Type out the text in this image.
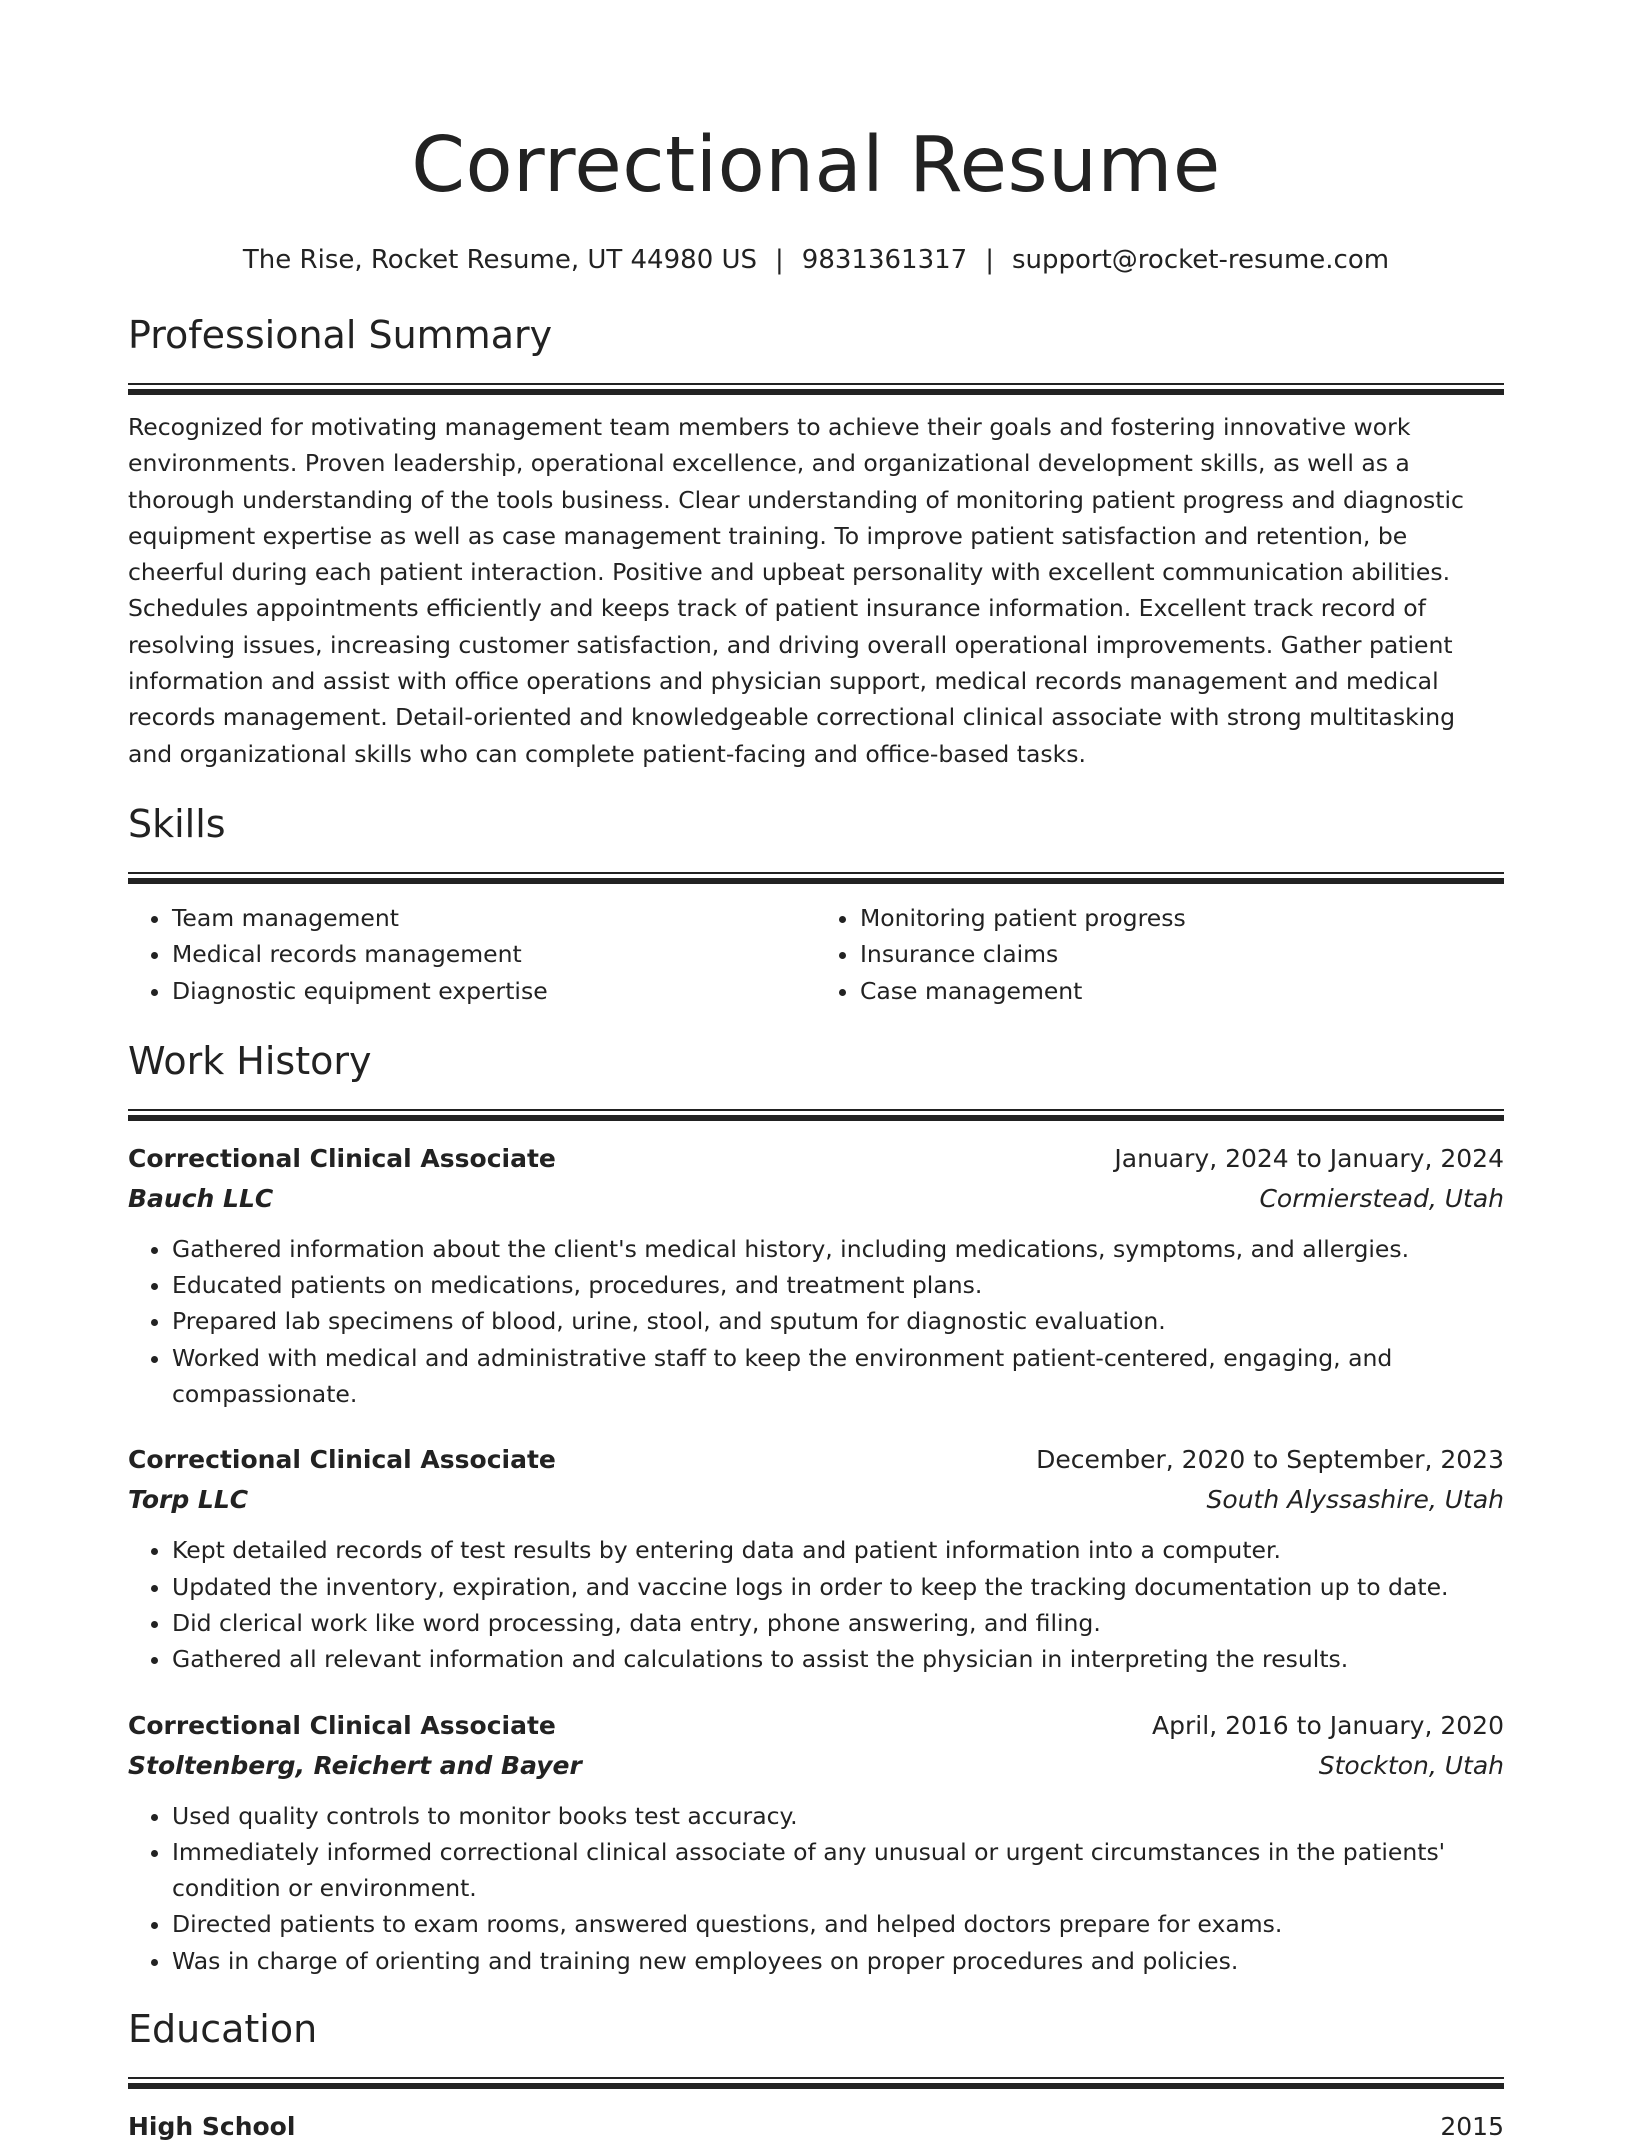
Correctional Resume
The Rise, Rocket Resume, UT 44980 US | 9831361317 | support@rocket-resume.com
Professional Summary

Recognized for motivating management team members to achieve their goals and fostering innovative work environments. Proven leadership, operational excellence, and organizational development skills, as well as a thorough understanding of the tools business. Clear understanding of monitoring patient progress and diagnostic equipment expertise as well as case management training. To improve patient satisfaction and retention, be cheerful during each patient interaction. Positive and upbeat personality with excellent communication abilities. Schedules appointments efficiently and keeps track of patient insurance information. Excellent track record of resolving issues, increasing customer satisfaction, and driving overall operational improvements. Gather patient information and assist with office operations and physician support, medical records management and medical records management. Detail-oriented and knowledgeable correctional clinical associate with strong multitasking and organizational skills who can complete patient-facing and office-based tasks.

Skills
• Team management
• Medical records management
• Diagnostic equipment expertise
• Monitoring patient progress
• Insurance claims
• Case management
Work History
Correctional Clinical Associate	January, 2024 to January, 2024
Bauch LLC	Cormierstead, Utah
• Gathered information about the client's medical history, including medications, symptoms, and allergies.
• Educated patients on medications, procedures, and treatment plans.
• Prepared lab specimens of blood, urine, stool, and sputum for diagnostic evaluation.
• Worked with medical and administrative staff to keep the environment patient-centered, engaging, and compassionate.
Correctional Clinical Associate	December, 2020 to September, 2023
Torp LLC	South Alyssashire, Utah
• Kept detailed records of test results by entering data and patient information into a computer.
• Updated the inventory, expiration, and vaccine logs in order to keep the tracking documentation up to date.
• Did clerical work like word processing, data entry, phone answering, and filing.
• Gathered all relevant information and calculations to assist the physician in interpreting the results.
Correctional Clinical Associate	April, 2016 to January, 2020
Stoltenberg, Reichert and Bayer	Stockton, Utah
• Used quality controls to monitor books test accuracy.
• Immediately informed correctional clinical associate of any unusual or urgent circumstances in the patients' condition or environment.
• Directed patients to exam rooms, answered questions, and helped doctors prepare for exams.
• Was in charge of orienting and training new employees on proper procedures and policies.
Education
High School	2015
